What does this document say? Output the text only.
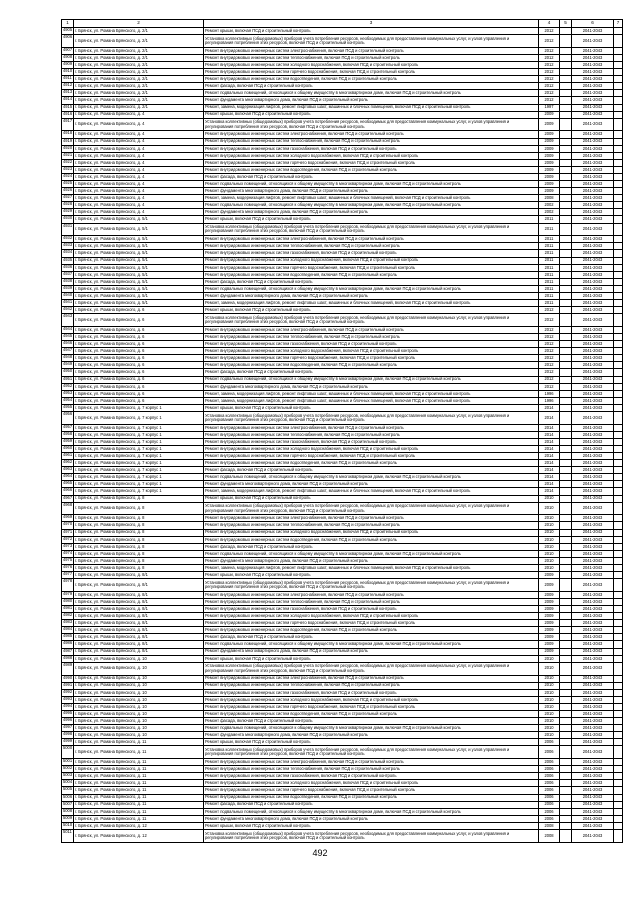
1	2	3	4	5	6	7
4905	г. Брянск, ул. Романа Брянского, д. 2/1	Ремонт крыши, включая ПСД и строительный контроль	2012		2041-2043	
4906	г. Брянск, ул. Романа Брянского, д. 2/1	Установка коллективных (общедомовых) приборов учета потребления ресурсов, необходимых для предоставления коммунальных услуг, и узлов управления и регулирования потребления этих ресурсов, включая ПСД и строительный контроль	2012		2041-2043	
4907	г. Брянск, ул. Романа Брянского, д. 2/1	Ремонт внутридомовых инженерных систем электроснабжения, включая ПСД и строительный контроль	2012		2041-2043	
4908	г. Брянск, ул. Романа Брянского, д. 2/1	Ремонт внутридомовых инженерных систем теплоснабжения, включая ПСД и строительный контроль	2012		2041-2043	
4909	г. Брянск, ул. Романа Брянского, д. 2/1	Ремонт внутридомовых инженерных систем холодного водоснабжения, включая ПСД и строительный контроль	2012		2041-2043	
4910	г. Брянск, ул. Романа Брянского, д. 2/1	Ремонт внутридомовых инженерных систем горячего водоснабжения, включая ПСД и строительный контроль	2012		2041-2043	
4911	г. Брянск, ул. Романа Брянского, д. 2/1	Ремонт внутридомовых инженерных систем водоотведения, включая ПСД и строительный контроль	2012		2041-2043	
4912	г. Брянск, ул. Романа Брянского, д. 2/1	Ремонт фасада, включая ПСД и строительный контроль	2012		2041-2043	
4913	г. Брянск, ул. Романа Брянского, д. 2/1	Ремонт подвальных помещений, относящихся к общему имуществу в многоквартирном доме, включая ПСД и строительный контроль	2012		2041-2043	
4914	г. Брянск, ул. Романа Брянского, д. 2/1	Ремонт фундамента многоквартирного дома, включая ПСД и строительный контроль	2012		2041-2043	
4915	г. Брянск, ул. Романа Брянского, д. 2/1	Ремонт, замена, модернизация лифтов, ремонт лифтовых шахт, машинных и блочных помещений, включая ПСД и строительный контроль	1997		2041-2043	
4916	г. Брянск, ул. Романа Брянского, д. 4	Ремонт крыши, включая ПСД и строительный контроль	2009		2041-2043	
4917	г. Брянск, ул. Романа Брянского, д. 4	Установка коллективных (общедомовых) приборов учета потребления ресурсов, необходимых для предоставления коммунальных услуг, и узлов управления и регулирования потребления этих ресурсов, включая ПСД и строительный контроль	2009		2041-2043	
4918	г. Брянск, ул. Романа Брянского, д. 4	Ремонт внутридомовых инженерных систем электроснабжения, включая ПСД и строительный контроль	2009		2041-2043	
4919	г. Брянск, ул. Романа Брянского, д. 4	Ремонт внутридомовых инженерных систем теплоснабжения, включая ПСД и строительный контроль	2009		2041-2043	
4920	г. Брянск, ул. Романа Брянского, д. 4	Ремонт внутридомовых инженерных систем газоснабжения, включая ПСД и строительный контроль	2009		2041-2043	
4921	г. Брянск, ул. Романа Брянского, д. 4	Ремонт внутридомовых инженерных систем холодного водоснабжения, включая ПСД и строительный контроль	2009		2041-2043	
4922	г. Брянск, ул. Романа Брянского, д. 4	Ремонт внутридомовых инженерных систем горячего водоснабжения, включая ПСД и строительный контроль	2009		2041-2043	
4923	г. Брянск, ул. Романа Брянского, д. 4	Ремонт внутридомовых инженерных систем водоотведения, включая ПСД и строительный контроль	2009		2041-2043	
4924	г. Брянск, ул. Романа Брянского, д. 4	Ремонт фасада, включая ПСД и строительный контроль	2009		2041-2043	
4925	г. Брянск, ул. Романа Брянского, д. 4	Ремонт подвальных помещений, относящихся к общему имуществу в многоквартирном доме, включая ПСД и строительный контроль	2009		2041-2043	
4926	г. Брянск, ул. Романа Брянского, д. 4	Ремонт фундамента многоквартирного дома, включая ПСД и строительный контроль	2009		2041-2043	
4927	г. Брянск, ул. Романа Брянского, д. 4	Ремонт, замена, модернизация лифтов, ремонт лифтовых шахт, машинных и блочных помещений, включая ПСД и строительный контроль	2008		2041-2043	
4928	г. Брянск, ул. Романа Брянского, д. 4	Ремонт подвальных помещений, относящихся к общему имуществу в многоквартирном доме, включая ПСД и строительный контроль	2002		2041-2043	
4929	г. Брянск, ул. Романа Брянского, д. 4	Ремонт фундамента многоквартирного дома, включая ПСД и строительный контроль	2002		2041-2043	
4930	г. Брянск, ул. Романа Брянского, д. 5/1	Ремонт крыши, включая ПСД и строительный контроль	2011		2041-2043	
4931	г. Брянск, ул. Романа Брянского, д. 5/1	Установка коллективных (общедомовых) приборов учета потребления ресурсов, необходимых для предоставления коммунальных услуг, и узлов управления и регулирования потребления этих ресурсов, включая ПСД и строительный контроль	2011		2041-2043	
4932	г. Брянск, ул. Романа Брянского, д. 5/1	Ремонт внутридомовых инженерных систем электроснабжения, включая ПСД и строительный контроль	2011		2041-2043	
4933	г. Брянск, ул. Романа Брянского, д. 5/1	Ремонт внутридомовых инженерных систем теплоснабжения, включая ПСД и строительный контроль	2011		2041-2043	
4934	г. Брянск, ул. Романа Брянского, д. 5/1	Ремонт внутридомовых инженерных систем газоснабжения, включая ПСД и строительный контроль	2011		2041-2043	
4935	г. Брянск, ул. Романа Брянского, д. 5/1	Ремонт внутридомовых инженерных систем холодного водоснабжения, включая ПСД и строительный контроль	2011		2041-2043	
4936	г. Брянск, ул. Романа Брянского, д. 5/1	Ремонт внутридомовых инженерных систем горячего водоснабжения, включая ПСД и строительный контроль	2011		2041-2043	
4937	г. Брянск, ул. Романа Брянского, д. 5/1	Ремонт внутридомовых инженерных систем водоотведения, включая ПСД и строительный контроль	2011		2041-2043	
4938	г. Брянск, ул. Романа Брянского, д. 5/1	Ремонт фасада, включая ПСД и строительный контроль	2011		2041-2043	
4939	г. Брянск, ул. Романа Брянского, д. 5/1	Ремонт подвальных помещений, относящихся к общему имуществу в многоквартирном доме, включая ПСД и строительный контроль	2011		2041-2043	
4940	г. Брянск, ул. Романа Брянского, д. 5/1	Ремонт фундамента многоквартирного дома, включая ПСД и строительный контроль	2011		2041-2043	
4941	г. Брянск, ул. Романа Брянского, д. 5/1	Ремонт, замена, модернизация лифтов, ремонт лифтовых шахт, машинных и блочных помещений, включая ПСД и строительный контроль	2011		2041-2043	
4942	г. Брянск, ул. Романа Брянского, д. 6	Ремонт крыши, включая ПСД и строительный контроль	2012		2041-2043	
4943	г. Брянск, ул. Романа Брянского, д. 6	Установка коллективных (общедомовых) приборов учета потребления ресурсов, необходимых для предоставления коммунальных услуг, и узлов управления и регулирования потребления этих ресурсов, включая ПСД и строительный контроль	2012		2041-2043	
4944	г. Брянск, ул. Романа Брянского, д. 6	Ремонт внутридомовых инженерных систем электроснабжения, включая ПСД и строительный контроль	2012		2041-2043	
4945	г. Брянск, ул. Романа Брянского, д. 6	Ремонт внутридомовых инженерных систем теплоснабжения, включая ПСД и строительный контроль	2012		2041-2043	
4946	г. Брянск, ул. Романа Брянского, д. 6	Ремонт внутридомовых инженерных систем газоснабжения, включая ПСД и строительный контроль	2012		2041-2043	
4947	г. Брянск, ул. Романа Брянского, д. 6	Ремонт внутридомовых инженерных систем холодного водоснабжения, включая ПСД и строительный контроль	2012		2041-2043	
4948	г. Брянск, ул. Романа Брянского, д. 6	Ремонт внутридомовых инженерных систем горячего водоснабжения, включая ПСД и строительный контроль	2012		2041-2043	
4949	г. Брянск, ул. Романа Брянского, д. 6	Ремонт внутридомовых инженерных систем водоотведения, включая ПСД и строительный контроль	2012		2041-2043	
4950	г. Брянск, ул. Романа Брянского, д. 6	Ремонт фасада, включая ПСД и строительный контроль	2012		2041-2043	
4951	г. Брянск, ул. Романа Брянского, д. 6	Ремонт подвальных помещений, относящихся к общему имуществу в многоквартирном доме, включая ПСД и строительный контроль	2012		2041-2043	
4952	г. Брянск, ул. Романа Брянского, д. 6	Ремонт фундамента многоквартирного дома, включая ПСД и строительный контроль	2012		2041-2043	
4953	г. Брянск, ул. Романа Брянского, д. 6	Ремонт, замена, модернизация лифтов, ремонт лифтовых шахт, машинных и блочных помещений, включая ПСД и строительный контроль	1996		2041-2043	
4954	г. Брянск, ул. Романа Брянского, д. 6	Ремонт, замена, модернизация лифтов, ремонт лифтовых шахт, машинных и блочных помещений, включая ПСД и строительный контроль	1996		2041-2043	
4955	г. Брянск, ул. Романа Брянского, д. 7 корпус 1	Ремонт крыши, включая ПСД и строительный контроль	2014		2041-2043	
4956	г. Брянск, ул. Романа Брянского, д. 7 корпус 1	Установка коллективных (общедомовых) приборов учета потребления ресурсов, необходимых для предоставления коммунальных услуг, и узлов управления и регулирования потребления этих ресурсов, включая ПСД и строительный контроль	2014		2041-2043	
4957	г. Брянск, ул. Романа Брянского, д. 7 корпус 1	Ремонт внутридомовых инженерных систем электроснабжения, включая ПСД и строительный контроль	2014		2041-2043	
4958	г. Брянск, ул. Романа Брянского, д. 7 корпус 1	Ремонт внутридомовых инженерных систем теплоснабжения, включая ПСД и строительный контроль	2014		2041-2043	
4959	г. Брянск, ул. Романа Брянского, д. 7 корпус 1	Ремонт внутридомовых инженерных систем газоснабжения, включая ПСД и строительный контроль	2014		2041-2043	
4960	г. Брянск, ул. Романа Брянского, д. 7 корпус 1	Ремонт внутридомовых инженерных систем холодного водоснабжения, включая ПСД и строительный контроль	2014		2041-2043	
4961	г. Брянск, ул. Романа Брянского, д. 7 корпус 1	Ремонт внутридомовых инженерных систем горячего водоснабжения, включая ПСД и строительный контроль	2014		2041-2043	
4962	г. Брянск, ул. Романа Брянского, д. 7 корпус 1	Ремонт внутридомовых инженерных систем водоотведения, включая ПСД и строительный контроль	2014		2041-2043	
4963	г. Брянск, ул. Романа Брянского, д. 7 корпус 1	Ремонт фасада, включая ПСД и строительный контроль	2014		2041-2043	
4964	г. Брянск, ул. Романа Брянского, д. 7 корпус 1	Ремонт подвальных помещений, относящихся к общему имуществу в многоквартирном доме, включая ПСД и строительный контроль	2014		2041-2043	
4965	г. Брянск, ул. Романа Брянского, д. 7 корпус 1	Ремонт фундамента многоквартирного дома, включая ПСД и строительный контроль	2014		2041-2043	
4966	г. Брянск, ул. Романа Брянского, д. 7 корпус 1	Ремонт, замена, модернизация лифтов, ремонт лифтовых шахт, машинных и блочных помещений, включая ПСД и строительный контроль	2014		2041-2043	
4967	г. Брянск, ул. Романа Брянского, д. 8	Ремонт крыши, включая ПСД и строительный контроль	2010		2041-2043	
4968	г. Брянск, ул. Романа Брянского, д. 8	Установка коллективных (общедомовых) приборов учета потребления ресурсов, необходимых для предоставления коммунальных услуг, и узлов управления и регулирования потребления этих ресурсов, включая ПСД и строительный контроль	2010		2041-2043	
4969	г. Брянск, ул. Романа Брянского, д. 8	Ремонт внутридомовых инженерных систем электроснабжения, включая ПСД и строительный контроль	2010		2041-2043	
4970	г. Брянск, ул. Романа Брянского, д. 8	Ремонт внутридомовых инженерных систем теплоснабжения, включая ПСД и строительный контроль	2010		2041-2043	
4971	г. Брянск, ул. Романа Брянского, д. 8	Ремонт внутридомовых инженерных систем холодного водоснабжения, включая ПСД и строительный контроль	2010		2041-2043	
4972	г. Брянск, ул. Романа Брянского, д. 8	Ремонт внутридомовых инженерных систем водоотведения, включая ПСД и строительный контроль	2010		2041-2043	
4973	г. Брянск, ул. Романа Брянского, д. 8	Ремонт фасада, включая ПСД и строительный контроль	2010		2041-2043	
4974	г. Брянск, ул. Романа Брянского, д. 8	Ремонт подвальных помещений, относящихся к общему имуществу в многоквартирном доме, включая ПСД и строительный контроль	2010		2041-2043	
4975	г. Брянск, ул. Романа Брянского, д. 8	Ремонт фундамента многоквартирного дома, включая ПСД и строительный контроль	2010		2041-2043	
4976	г. Брянск, ул. Романа Брянского, д. 8	Ремонт, замена, модернизация лифтов, ремонт лифтовых шахт, машинных и блочных помещений, включая ПСД и строительный контроль	2010		2041-2043	
4977	г. Брянск, ул. Романа Брянского, д. 8/1	Ремонт крыши, включая ПСД и строительный контроль	2009		2041-2043	
4978	г. Брянск, ул. Романа Брянского, д. 8/1	Установка коллективных (общедомовых) приборов учета потребления ресурсов, необходимых для предоставления коммунальных услуг, и узлов управления и регулирования потребления этих ресурсов, включая ПСД и строительный контроль	2009		2041-2043	
4979	г. Брянск, ул. Романа Брянского, д. 8/1	Ремонт внутридомовых инженерных систем электроснабжения, включая ПСД и строительный контроль	2009		2041-2043	
4980	г. Брянск, ул. Романа Брянского, д. 8/1	Ремонт внутридомовых инженерных систем теплоснабжения, включая ПСД и строительный контроль	2009		2041-2043	
4981	г. Брянск, ул. Романа Брянского, д. 8/1	Ремонт внутридомовых инженерных систем газоснабжения, включая ПСД и строительный контроль	2009		2041-2043	
4982	г. Брянск, ул. Романа Брянского, д. 8/1	Ремонт внутридомовых инженерных систем холодного водоснабжения, включая ПСД и строительный контроль	2009		2041-2043	
4983	г. Брянск, ул. Романа Брянского, д. 8/1	Ремонт внутридомовых инженерных систем горячего водоснабжения, включая ПСД и строительный контроль	2009		2041-2043	
4984	г. Брянск, ул. Романа Брянского, д. 8/1	Ремонт внутридомовых инженерных систем водоотведения, включая ПСД и строительный контроль	2009		2041-2043	
4985	г. Брянск, ул. Романа Брянского, д. 8/1	Ремонт фасада, включая ПСД и строительный контроль	2009		2041-2043	
4986	г. Брянск, ул. Романа Брянского, д. 8/1	Ремонт подвальных помещений, относящихся к общему имуществу в многоквартирном доме, включая ПСД и строительный контроль	2009		2041-2043	
4987	г. Брянск, ул. Романа Брянского, д. 8/1	Ремонт фундамента многоквартирного дома, включая ПСД и строительный контроль	2009		2041-2043	
4988	г. Брянск, ул. Романа Брянского, д. 10	Ремонт крыши, включая ПСД и строительный контроль	2010		2041-2043	
4989	г. Брянск, ул. Романа Брянского, д. 10	Установка коллективных (общедомовых) приборов учета потребления ресурсов, необходимых для предоставления коммунальных услуг, и узлов управления и регулирования потребления этих ресурсов, включая ПСД и строительный контроль	2010		2041-2043	
4990	г. Брянск, ул. Романа Брянского, д. 10	Ремонт внутридомовых инженерных систем электроснабжения, включая ПСД и строительный контроль	2010		2041-2043	
4991	г. Брянск, ул. Романа Брянского, д. 10	Ремонт внутридомовых инженерных систем теплоснабжения, включая ПСД и строительный контроль	2010		2041-2043	
4992	г. Брянск, ул. Романа Брянского, д. 10	Ремонт внутридомовых инженерных систем газоснабжения, включая ПСД и строительный контроль	2010		2041-2043	
4993	г. Брянск, ул. Романа Брянского, д. 10	Ремонт внутридомовых инженерных систем холодного водоснабжения, включая ПСД и строительный контроль	2010		2041-2043	
4994	г. Брянск, ул. Романа Брянского, д. 10	Ремонт внутридомовых инженерных систем горячего водоснабжения, включая ПСД и строительный контроль	2010		2041-2043	
4995	г. Брянск, ул. Романа Брянского, д. 10	Ремонт внутридомовых инженерных систем водоотведения, включая ПСД и строительный контроль	2010		2041-2043	
4996	г. Брянск, ул. Романа Брянского, д. 10	Ремонт фасада, включая ПСД и строительный контроль	2010		2041-2043	
4997	г. Брянск, ул. Романа Брянского, д. 10	Ремонт подвальных помещений, относящихся к общему имуществу в многоквартирном доме, включая ПСД и строительный контроль	2010		2041-2043	
4998	г. Брянск, ул. Романа Брянского, д. 10	Ремонт фундамента многоквартирного дома, включая ПСД и строительный контроль	2010		2041-2043	
4999	г. Брянск, ул. Романа Брянского, д. 11	Ремонт крыши, включая ПСД и строительный контроль	2006		2041-2043	
5000	г. Брянск, ул. Романа Брянского, д. 11	Установка коллективных (общедомовых) приборов учета потребления ресурсов, необходимых для предоставления коммунальных услуг, и узлов управления и регулирования потребления этих ресурсов, включая ПСД и строительный контроль	2006		2041-2043	
5001	г. Брянск, ул. Романа Брянского, д. 11	Ремонт внутридомовых инженерных систем электроснабжения, включая ПСД и строительный контроль	2006		2041-2043	
5002	г. Брянск, ул. Романа Брянского, д. 11	Ремонт внутридомовых инженерных систем теплоснабжения, включая ПСД и строительный контроль	2006		2041-2043	
5003	г. Брянск, ул. Романа Брянского, д. 11	Ремонт внутридомовых инженерных систем газоснабжения, включая ПСД и строительный контроль	2006		2041-2043	
5004	г. Брянск, ул. Романа Брянского, д. 11	Ремонт внутридомовых инженерных систем холодного водоснабжения, включая ПСД и строительный контроль	2006		2041-2043	
5005	г. Брянск, ул. Романа Брянского, д. 11	Ремонт внутридомовых инженерных систем горячего водоснабжения, включая ПСД и строительный контроль	2006		2041-2043	
5006	г. Брянск, ул. Романа Брянского, д. 11	Ремонт внутридомовых инженерных систем водоотведения, включая ПСД и строительный контроль	2006		2041-2043	
5007	г. Брянск, ул. Романа Брянского, д. 11	Ремонт фасада, включая ПСД и строительный контроль	2006		2041-2043	
5008	г. Брянск, ул. Романа Брянского, д. 11	Ремонт подвальных помещений, относящихся к общему имуществу в многоквартирном доме, включая ПСД и строительный контроль	2006		2041-2043	
5009	г. Брянск, ул. Романа Брянского, д. 11	Ремонт фундамента многоквартирного дома, включая ПСД и строительный контроль	2006		2041-2043	
5010	г. Брянск, ул. Романа Брянского, д. 12	Ремонт крыши, включая ПСД и строительный контроль	2008		2041-2043	
5011	г. Брянск, ул. Романа Брянского, д. 12	Установка коллективных (общедомовых) приборов учета потребления ресурсов, необходимых для предоставления коммунальных услуг, и узлов управления и регулирования потребления этих ресурсов, включая ПСД и строительный контроль	2008		2041-2043	
492
